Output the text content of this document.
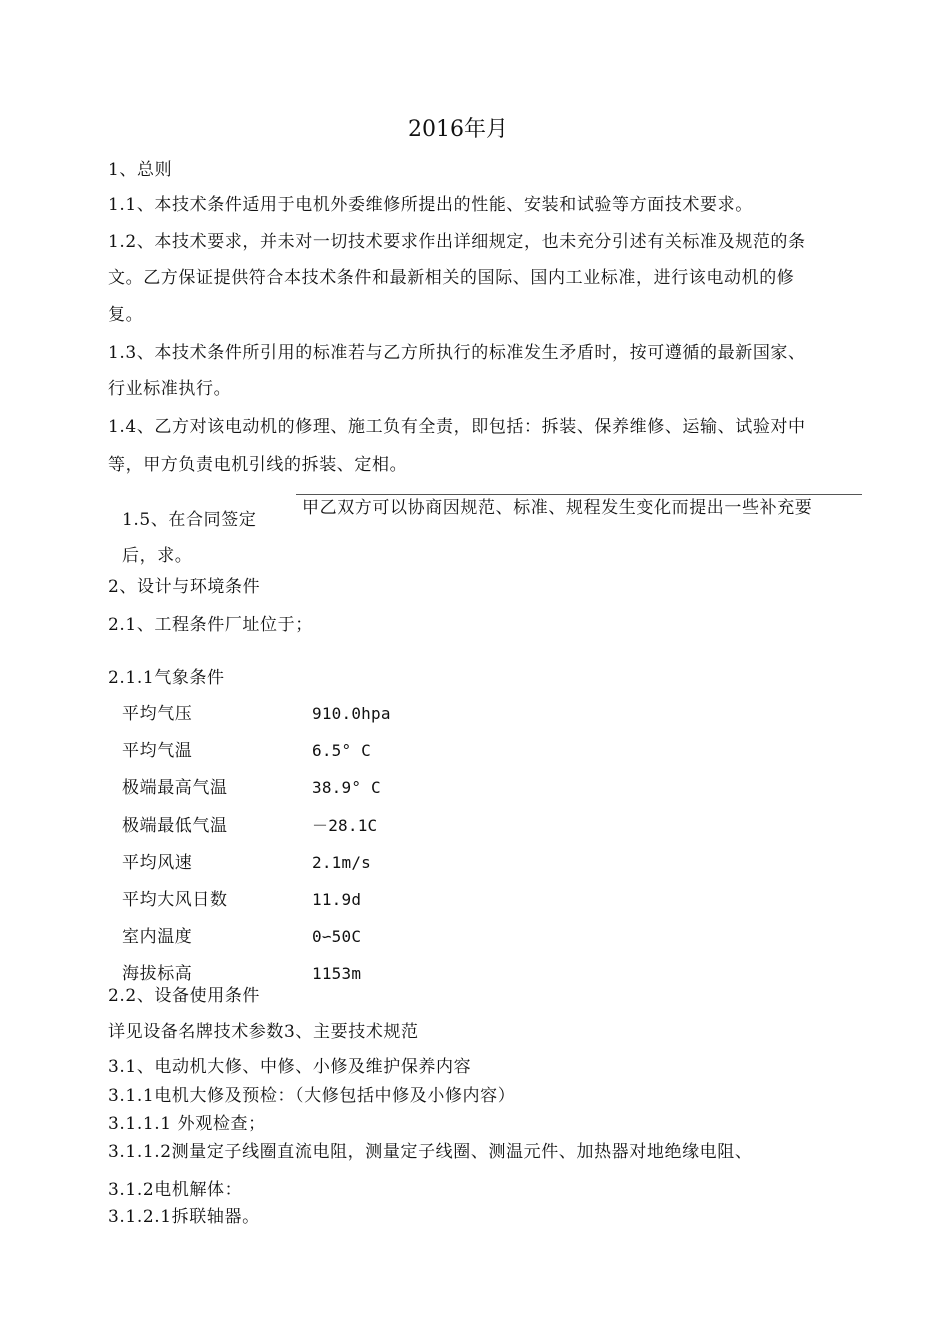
2016年月
1、总则
1.1、本技术条件适用于电机外委维修所提出的性能、安装和试验等方面技术要求。
1.2、本技术要求，并未对一切技术要求作出详细规定，也未充分引述有关标准及规范的条
文。乙方保证提供符合本技术条件和最新相关的国际、国内工业标准，进行该电动机的修
复。
1.3、本技术条件所引用的标准若与乙方所执行的标准发生矛盾时，按可遵循的最新国家、
行业标准执行。
1.4、乙方对该电动机的修理、施工负有全责，即包括：拆装、保养维修、运输、试验对中
等，甲方负责电机引线的拆装、定相。
甲乙双方可以协商因规范、标准、规程发生变化而提出一些补充要
1.5、在合同签定
后，求。
2、设计与环境条件
2.1、工程条件厂址位于；
2.1.1气象条件
平均气压	910.0hpa
平均气温	6.5° C
极端最高气温	38.9° C
极端最低气温	－28.1C
平均风速	2.1m/s
平均大风日数	11.9d
室内温度	0∽50C
海拔标高	1153m
2.2、设备使用条件
详见设备名牌技术参数3、主要技术规范
3.1、电动机大修、中修、小修及维护保养内容
3.1.1电机大修及预检：（大修包括中修及小修内容）
3.1.1.1 外观检查；
3.1.1.2测量定子线圈直流电阻，测量定子线圈、测温元件、加热器对地绝缘电阻、
3.1.2电机解体：
3.1.2.1拆联轴器。
